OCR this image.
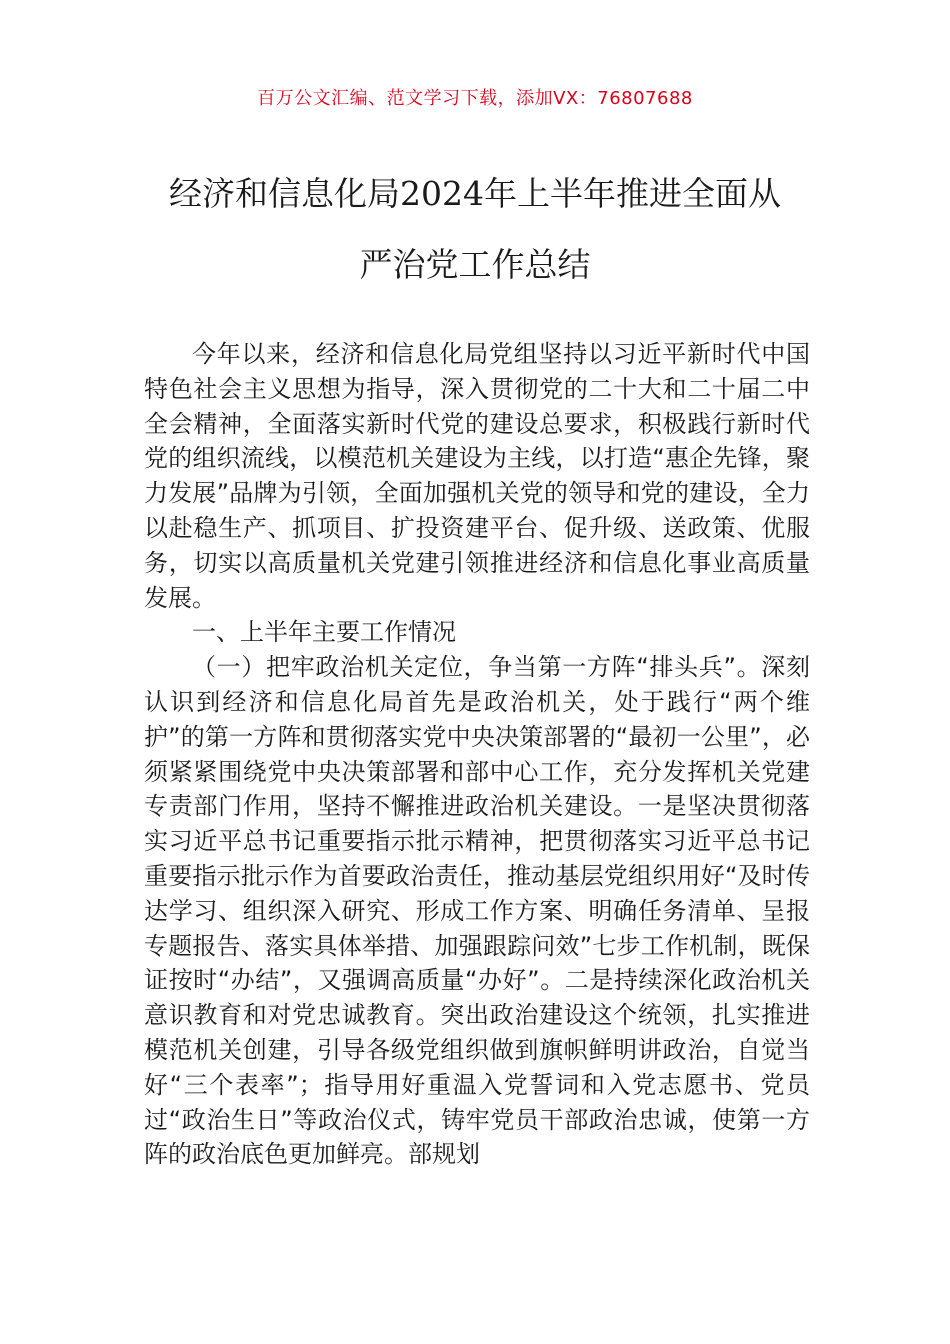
百万公文汇编、范文学习下载，添加VX：76807688
经济和信息化局2024年上半年推进全面从
严治党工作总结

今年以来，经济和信息化局党组坚持以习近平新时代中国特色社会主义思想为指导，深入贯彻党的二十大和二十届二中全会精神，全面落实新时代党的建设总要求，积极践行新时代党的组织流线，以模范机关建设为主线，以打造“惠企先锋，聚力发展”品牌为引领，全面加强机关党的领导和党的建设，全力以赴稳生产、抓项目、扩投资建平台、促升级、送政策、优服务，切实以高质量机关党建引领推进经济和信息化事业高质量发展。

一、上半年主要工作情况

（一）把牢政治机关定位，争当第一方阵“排头兵”。深刻认识到经济和信息化局首先是政治机关，处于践行“两个维护”的第一方阵和贯彻落实党中央决策部署的“最初一公里”，必须紧紧围绕党中央决策部署和部中心工作，充分发挥机关党建专责部门作用，坚持不懈推进政治机关建设。一是坚决贯彻落实习近平总书记重要指示批示精神，把贯彻落实习近平总书记重要指示批示作为首要政治责任，推动基层党组织用好“及时传达学习、组织深入研究、形成工作方案、明确任务清单、呈报专题报告、落实具体举措、加强跟踪问效”七步工作机制，既保证按时“办结”，又强调高质量“办好”。二是持续深化政治机关意识教育和对党忠诚教育。突出政治建设这个统领，扎实推进模范机关创建，引导各级党组织做到旗帜鲜明讲政治，自觉当好“三个表率”；指导用好重温入党誓词和入党志愿书、党员过“政治生日”等政治仪式，铸牢党员干部政治忠诚，使第一方阵的政治底色更加鲜亮。部规划
